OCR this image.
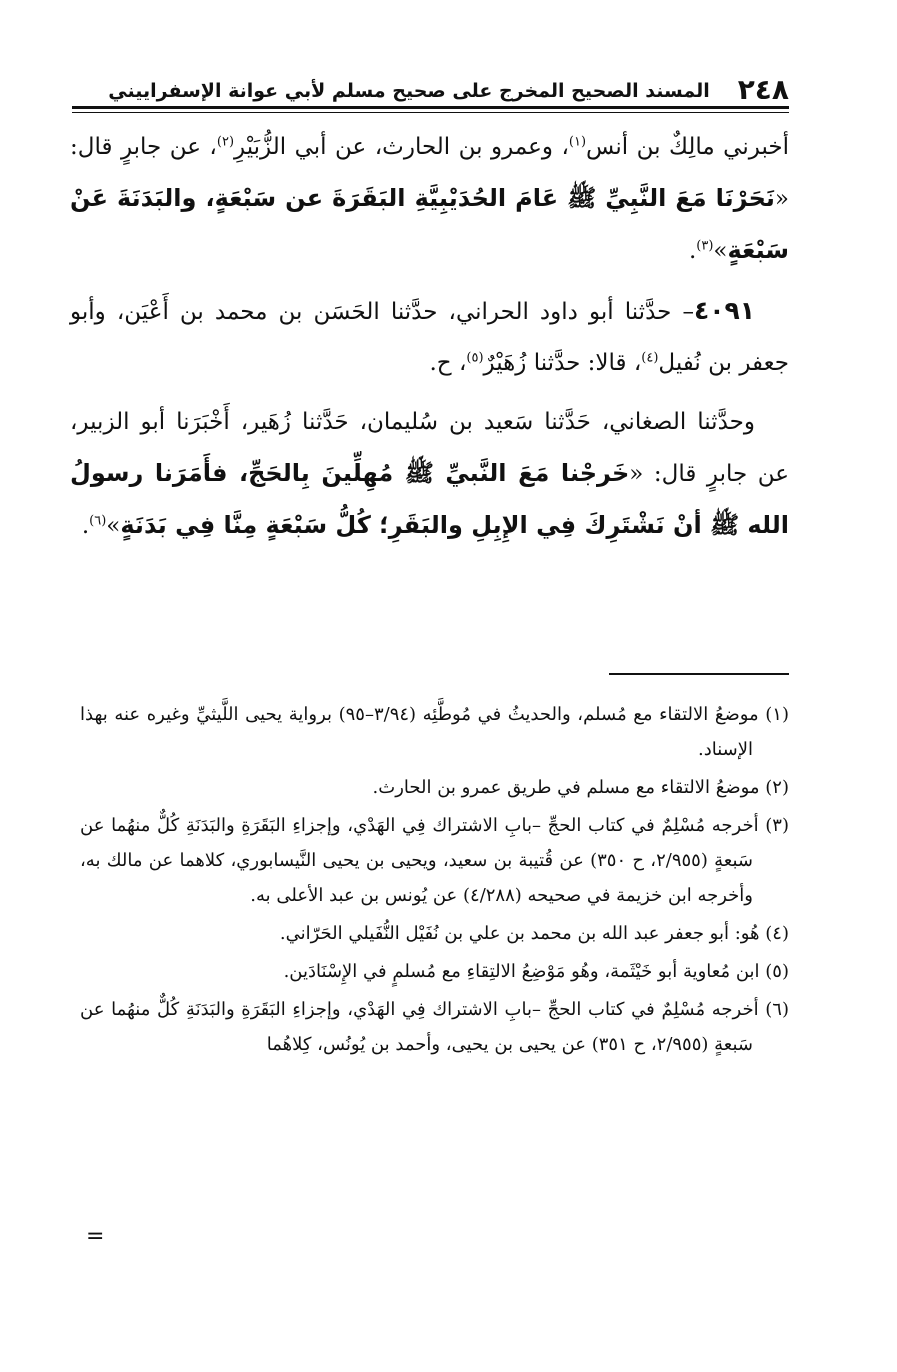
٢٤٨
المسند الصحيح المخرج على صحيح مسلم لأبي عوانة الإسفراييني

أخبرني مالِكٌ بن أنس$^{(١)}$، وعمرو بن الحارث، عن أبي الزُّبَيْرِ$^{(٢)}$، عن جابرٍ قال: «نَحَرْنَا مَعَ النَّبِيِّ ﷺ عَامَ الحُدَيْبِيَّةِ البَقَرَةَ عن سَبْعَةٍ، والبَدَنَةَ عَنْ سَبْعَةٍ»$^{(٣)}$.

٤٠٩١– حدَّثنا أبو داود الحراني، حدَّثنا الحَسَن بن محمد بن أَعْيَن، وأبو جعفر بن نُفيل$^{(٤)}$، قالا: حدَّثنا زُهَيْرٌ$^{(٥)}$، ح.

وحدَّثنا الصغاني، حَدَّثنا سَعيد بن سُليمان، حَدَّثنا زُهَير، أَخْبَرَنا أبو الزبير، عن جابرٍ قال: «خَرجْنا مَعَ النَّبيِّ ﷺ مُهِلِّينَ بِالحَجِّ، فأَمَرَنا رسولُ الله ﷺ أنْ نَشْتَرِكَ فِي الإِبِلِ والبَقَرِ؛ كُلُّ سَبْعَةٍ مِنَّا فِي بَدَنَةٍ»$^{(٦)}$.

(١) موضعُ الالتقاء مع مُسلم، والحديثُ في مُوطَّئِه (٣/٩٤–٩٥) برواية يحيى اللَّيثيِّ وغيره عنه بهذا الإسناد.

(٢) موضعُ الالتقاء مع مسلم في طريق عمرو بن الحارث.

(٣) أخرجه مُسْلِمٌ في كتاب الحجِّ –بابِ الاشتراك فِي الهَدْي، وإجزاءِ البَقَرَةِ والبَدَنَةِ كُلٌّ منهُما عن سَبعةٍ (٢/٩٥٥، ح ٣٥٠) عن قُتيبة بن سعيد، ويحيى بن يحيى النَّيسابوري، كلاهما عن مالك به، وأخرجه ابن خزيمة في صحيحه (٤/٢٨٨) عن يُونس بن عبد الأعلى به.

(٤) هُو: أبو جعفر عبد الله بن محمد بن علي بن نُفَيْل النُّفَيلي الحَرّاني.

(٥) ابن مُعاوية أبو خَيْثَمة، وهُو مَوْضِعُ الالتِقاءِ مع مُسلمٍ في الإِسْنَادَين.

(٦) أخرجه مُسْلِمٌ في كتاب الحجِّ –بابِ الاشتراك فِي الهَدْي، وإجزاءِ البَقَرَةِ والبَدَنَةِ كُلٌّ منهُما عن سَبعةٍ (٢/٩٥٥، ح ٣٥١) عن يحيى بن يحيى، وأحمد بن يُونُس، كِلاهُما

=
